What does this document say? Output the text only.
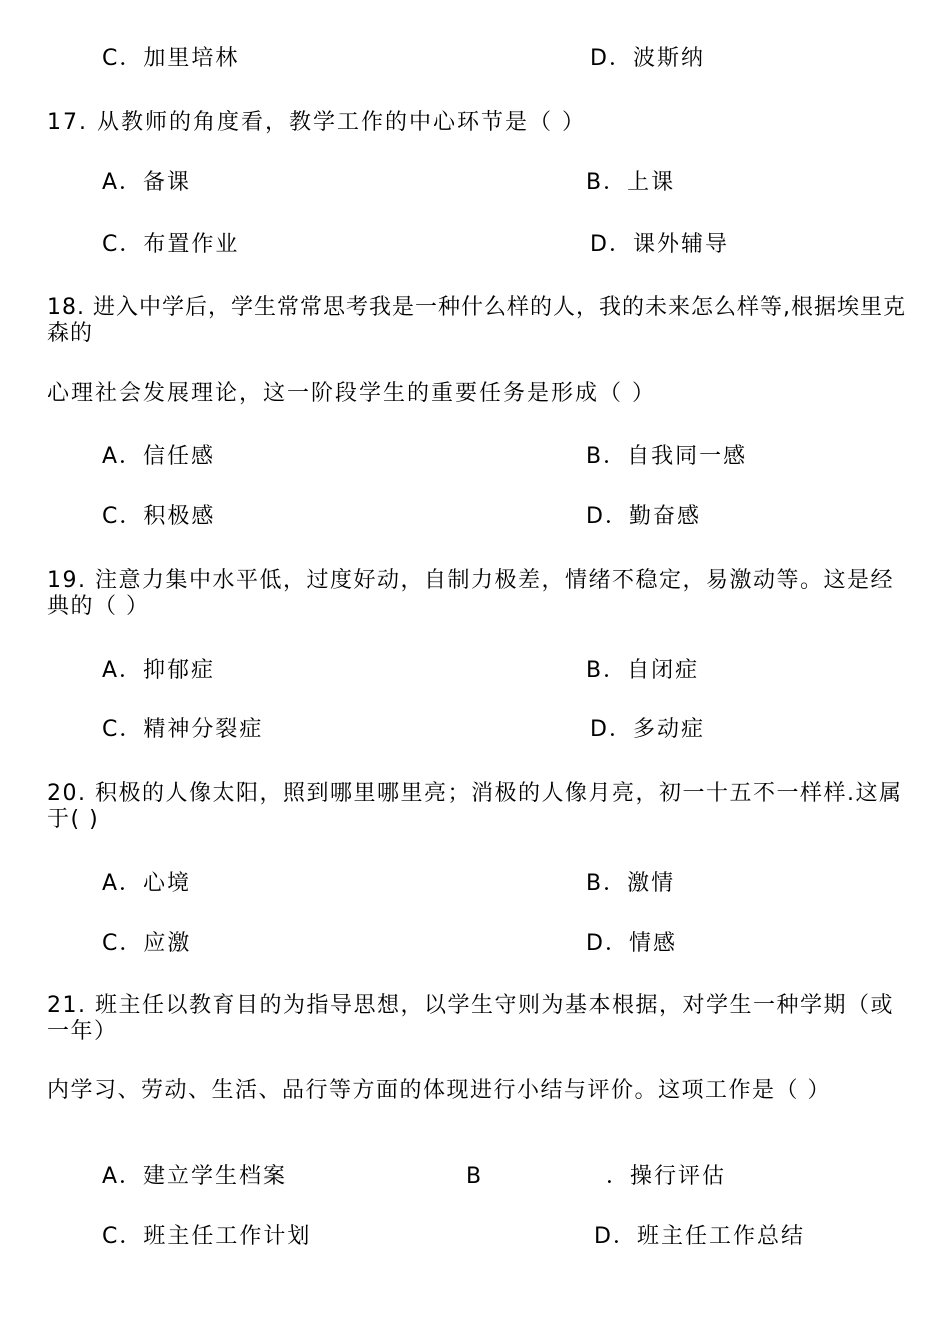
C．加里培林	D．波斯纳
17. 从教师的角度看，教学工作的中心环节是（ ）
A．备课	B．上课
C．布置作业	D．课外辅导
18. 进入中学后，学生常常思考我是一种什么样的人，我的未来怎么样等,根据埃里克森的
心理社会发展理论，这一阶段学生的重要任务是形成（ ）
A．信任感	B．自我同一感
C．积极感	D．勤奋感
19. 注意力集中水平低，过度好动，自制力极差，情绪不稳定，易激动等。这是经典的（ ）
A．抑郁症	B．自闭症
C．精神分裂症	D．多动症
20. 积极的人像太阳，照到哪里哪里亮；消极的人像月亮，初一十五不一样样.这属于( )
A．心境	B．激情
C．应激	D．情感
21. 班主任以教育目的为指导思想，以学生守则为基本根据，对学生一种学期（或一年）
内学习、劳动、生活、品行等方面的体现进行小结与评价。这项工作是（ ）
A．建立学生档案	B	．操行评估
C．班主任工作计划	D．班主任工作总结
